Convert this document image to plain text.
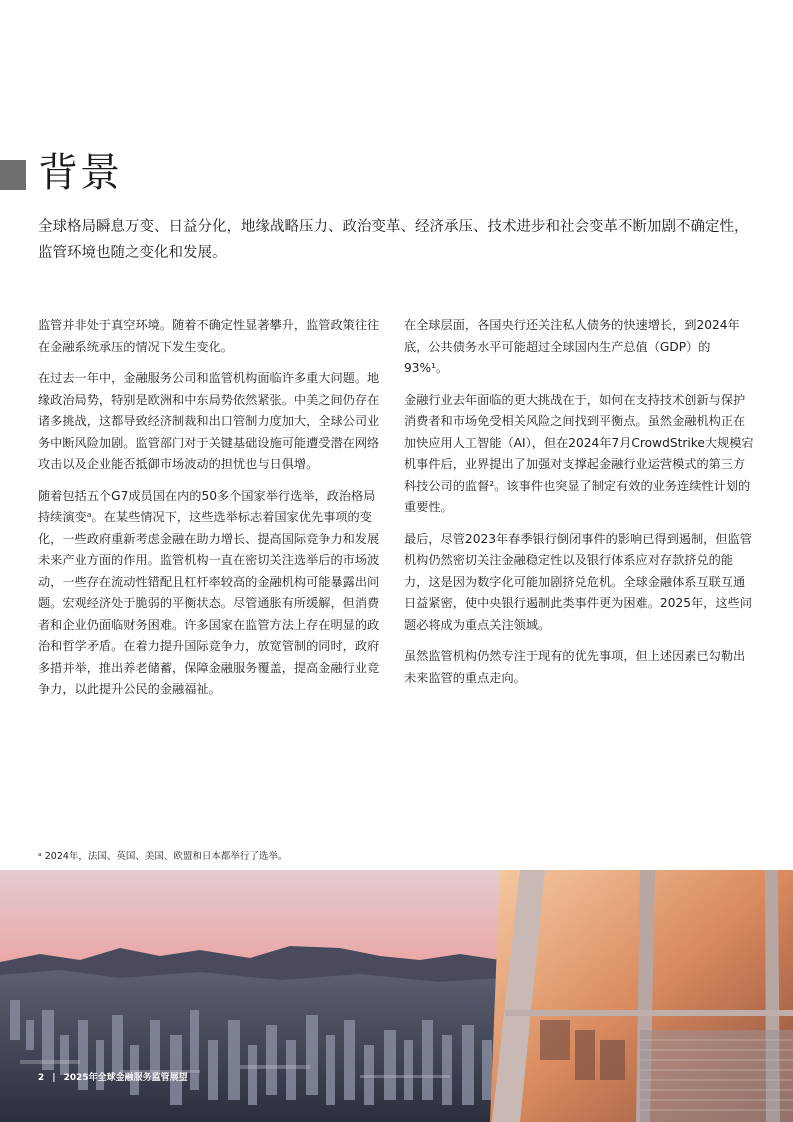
背景

全球格局瞬息万变、日益分化，地缘战略压力、政治变革、经济承压、技术进步和社会变革不断加剧不确定性，监管环境也随之变化和发展。

监管并非处于真空环境。随着不确定性显著攀升，监管政策往往在金融系统承压的情况下发生变化。

在过去一年中，金融服务公司和监管机构面临许多重大问题。地缘政治局势，特别是欧洲和中东局势依然紧张。中美之间仍存在诸多挑战，这都导致经济制裁和出口管制力度加大，全球公司业务中断风险加剧。监管部门对于关键基础设施可能遭受潜在网络攻击以及企业能否抵御市场波动的担忧也与日俱增。

随着包括五个G7成员国在内的50多个国家举行选举，政治格局持续演变ᵃ。在某些情况下，这些选举标志着国家优先事项的变化，一些政府重新考虑金融在助力增长、提高国际竞争力和发展未来产业方面的作用。监管机构一直在密切关注选举后的市场波动，一些存在流动性错配且杠杆率较高的金融机构可能暴露出问题。宏观经济处于脆弱的平衡状态。尽管通胀有所缓解，但消费者和企业仍面临财务困难。许多国家在监管方法上存在明显的政治和哲学矛盾。在着力提升国际竞争力，放宽管制的同时，政府多措并举，推出养老储蓄，保障金融服务覆盖，提高金融行业竞争力，以此提升公民的金融福祉。

在全球层面，各国央行还关注私人债务的快速增长，到2024年底，公共债务水平可能超过全球国内生产总值（GDP）的93%¹。

金融行业去年面临的更大挑战在于，如何在支持技术创新与保护消费者和市场免受相关风险之间找到平衡点。虽然金融机构正在加快应用人工智能（AI），但在2024年7月CrowdStrike大规模宕机事件后，业界提出了加强对支撑起金融行业运营模式的第三方科技公司的监督²。该事件也突显了制定有效的业务连续性计划的重要性。

最后，尽管2023年春季银行倒闭事件的影响已得到遏制，但监管机构仍然密切关注金融稳定性以及银行体系应对存款挤兑的能力，这是因为数字化可能加剧挤兑危机。全球金融体系互联互通日益紧密，使中央银行遏制此类事件更为困难。2025年，这些问题必将成为重点关注领域。

虽然监管机构仍然专注于现有的优先事项，但上述因素已勾勒出未来监管的重点走向。

ᵃ 2024年，法国、英国、美国、欧盟和日本都举行了选举。
2 | 2025年全球金融服务监管展望
